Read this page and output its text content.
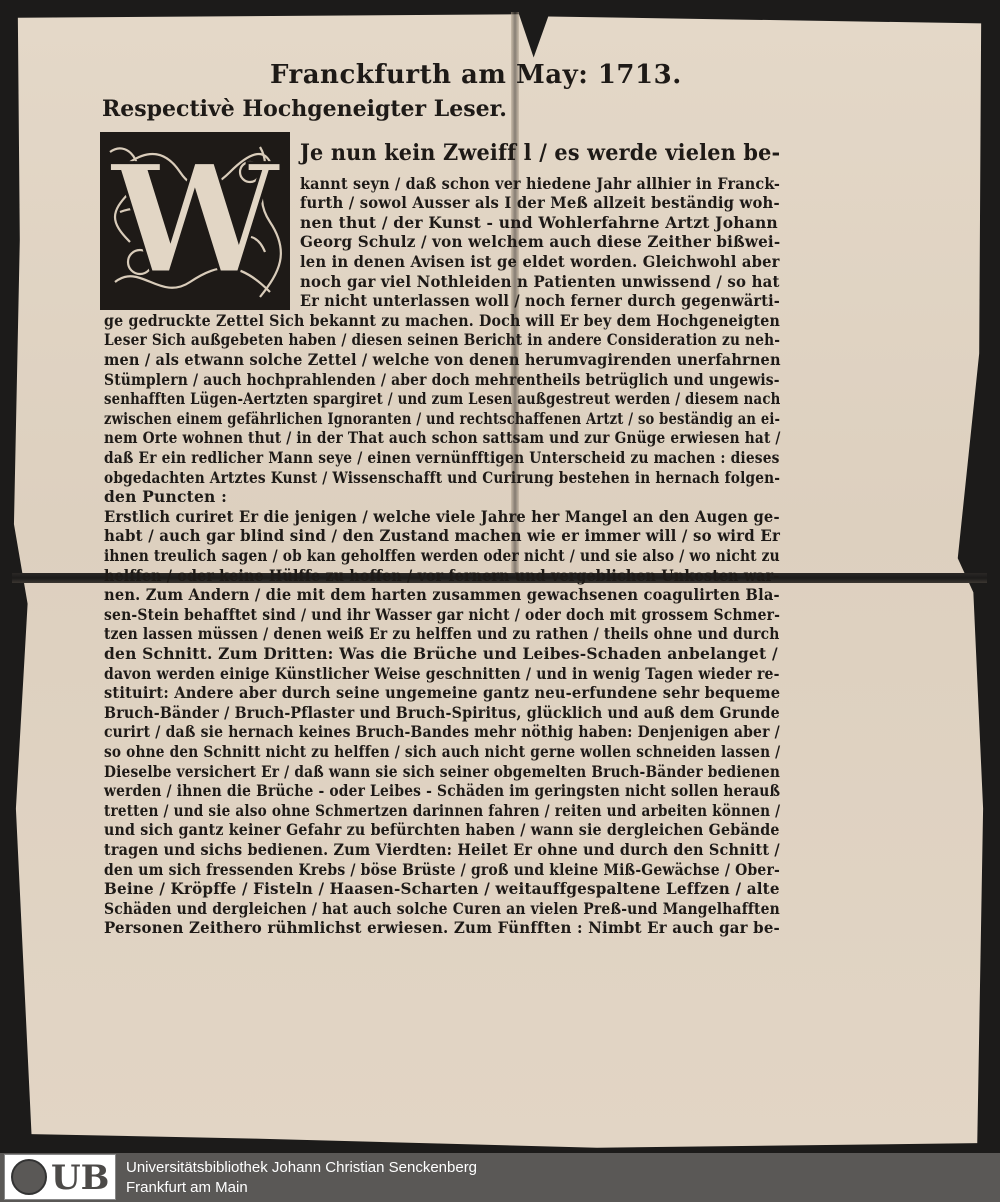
Franckfurth am May: 1713.
Respectivè Hochgeneigter Leser.
W Je nun kein Zweiff l / es werde vielen be-
kannt seyn / daß schon ver hiedene Jahr allhier in Franck-
furth / sowol Ausser als I der Meß allzeit beständig woh-
nen thut / der Kunst - und Wohlerfahrne Artzt Johann
Georg Schulz / von welchem auch diese Zeither bißwei-
len in denen Avisen ist ge eldet worden. Gleichwohl aber
noch gar viel Nothleiden n Patienten unwissend / so hat
Er nicht unterlassen woll / noch ferner durch gegenwärti-
ge gedruckte Zettel Sich bekannt zu machen. Doch will Er bey dem Hochgeneigten
Leser Sich außgebeten haben / diesen seinen Bericht in andere Consideration zu neh-
men / als etwann solche Zettel / welche von denen herumvagirenden unerfahrnen
Stümplern / auch hochprahlenden / aber doch mehrentheils betrüglich und ungewis-
senhafften Lügen-Aertzten spargiret / und zum Lesen außgestreut werden / diesem nach
zwischen einem gefährlichen Ignoranten / und rechtschaffenen Artzt / so beständig an ei-
nem Orte wohnen thut / in der That auch schon sattsam und zur Gnüge erwiesen hat /
daß Er ein redlicher Mann seye / einen vernünfftigen Unterscheid zu machen : dieses
obgedachten Artztes Kunst / Wissenschafft und Curirung bestehen in hernach folgen-
den Puncten :
Erstlich curiret Er die jenigen / welche viele Jahre her Mangel an den Augen ge-
habt / auch gar blind sind / den Zustand machen wie er immer will / so wird Er
ihnen treulich sagen / ob kan geholffen werden oder nicht / und sie also / wo nicht zu
helffen / oder keine Hülffe zu hoffen / vor fernern und vergeblichen Unkosten war-
nen. Zum Andern / die mit dem harten zusammen gewachsenen coagulirten Bla-
sen-Stein behafftet sind / und ihr Wasser gar nicht / oder doch mit grossem Schmer-
tzen lassen müssen / denen weiß Er zu helffen und zu rathen / theils ohne und durch
den Schnitt. Zum Dritten: Was die Brüche und Leibes-Schaden anbelanget /
davon werden einige Künstlicher Weise geschnitten / und in wenig Tagen wieder re-
stituirt: Andere aber durch seine ungemeine gantz neu-erfundene sehr bequeme
Bruch-Bänder / Bruch-Pflaster und Bruch-Spiritus, glücklich und auß dem Grunde
curirt / daß sie hernach keines Bruch-Bandes mehr nöthig haben: Denjenigen aber /
so ohne den Schnitt nicht zu helffen / sich auch nicht gerne wollen schneiden lassen /
Dieselbe versichert Er / daß wann sie sich seiner obgemelten Bruch-Bänder bedienen
werden / ihnen die Brüche - oder Leibes - Schäden im geringsten nicht sollen herauß
tretten / und sie also ohne Schmertzen darinnen fahren / reiten und arbeiten können /
und sich gantz keiner Gefahr zu befürchten haben / wann sie dergleichen Gebände
tragen und sichs bedienen. Zum Vierdten: Heilet Er ohne und durch den Schnitt /
den um sich fressenden Krebs / böse Brüste / groß und kleine Miß-Gewächse / Ober-
Beine / Kröpffe / Fisteln / Haasen-Scharten / weitauffgespaltene Leffzen / alte
Schäden und dergleichen / hat auch solche Curen an vielen Preß-und Mangelhafften
Personen Zeithero rühmlichst erwiesen. Zum Fünfften : Nimbt Er auch gar be-
UB Universitätsbibliothek Johann Christian Senckenberg
Frankfurt am Main
